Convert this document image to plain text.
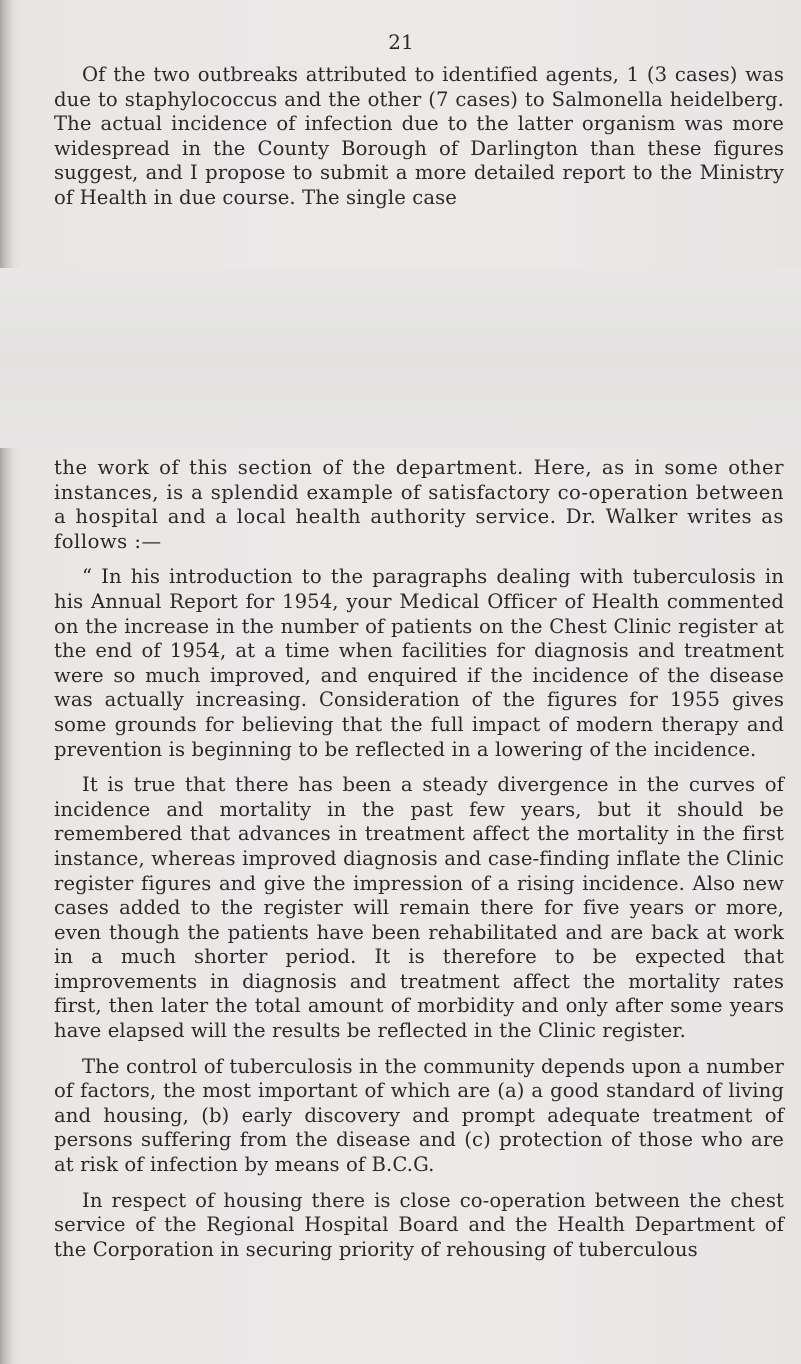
21

Of the two outbreaks attributed to identified agents, 1 (3 cases) was due to staphylococcus and the other (7 cases) to Salmonella heidelberg. The actual incidence of infection due to the latter organism was more widespread in the County Borough of Darlington than these figures suggest, and I propose to submit a more detailed report to the Ministry of Health in due course. The single case

the work of this section of the department. Here, as in some other instances, is a splendid example of satisfactory co-operation between a hospital and a local health authority service. Dr. Walker writes as follows :—

“ In his introduction to the paragraphs dealing with tuberculosis in his Annual Report for 1954, your Medical Officer of Health commented on the increase in the number of patients on the Chest Clinic register at the end of 1954, at a time when facilities for diagnosis and treatment were so much improved, and enquired if the incidence of the disease was actually increasing. Consideration of the figures for 1955 gives some grounds for believing that the full impact of modern therapy and prevention is beginning to be reflected in a lowering of the incidence.

It is true that there has been a steady divergence in the curves of incidence and mortality in the past few years, but it should be remembered that advances in treatment affect the mortality in the first instance, whereas improved diagnosis and case-finding inflate the Clinic register figures and give the impression of a rising incidence. Also new cases added to the register will remain there for five years or more, even though the patients have been rehabilitated and are back at work in a much shorter period. It is therefore to be expected that improvements in diagnosis and treatment affect the mortality rates first, then later the total amount of morbidity and only after some years have elapsed will the results be reflected in the Clinic register.

The control of tuberculosis in the community depends upon a number of factors, the most important of which are (a) a good standard of living and housing, (b) early discovery and prompt adequate treatment of persons suffering from the disease and (c) protection of those who are at risk of infection by means of B.C.G.

In respect of housing there is close co-operation between the chest service of the Regional Hospital Board and the Health Department of the Corporation in securing priority of rehousing of tuberculous
